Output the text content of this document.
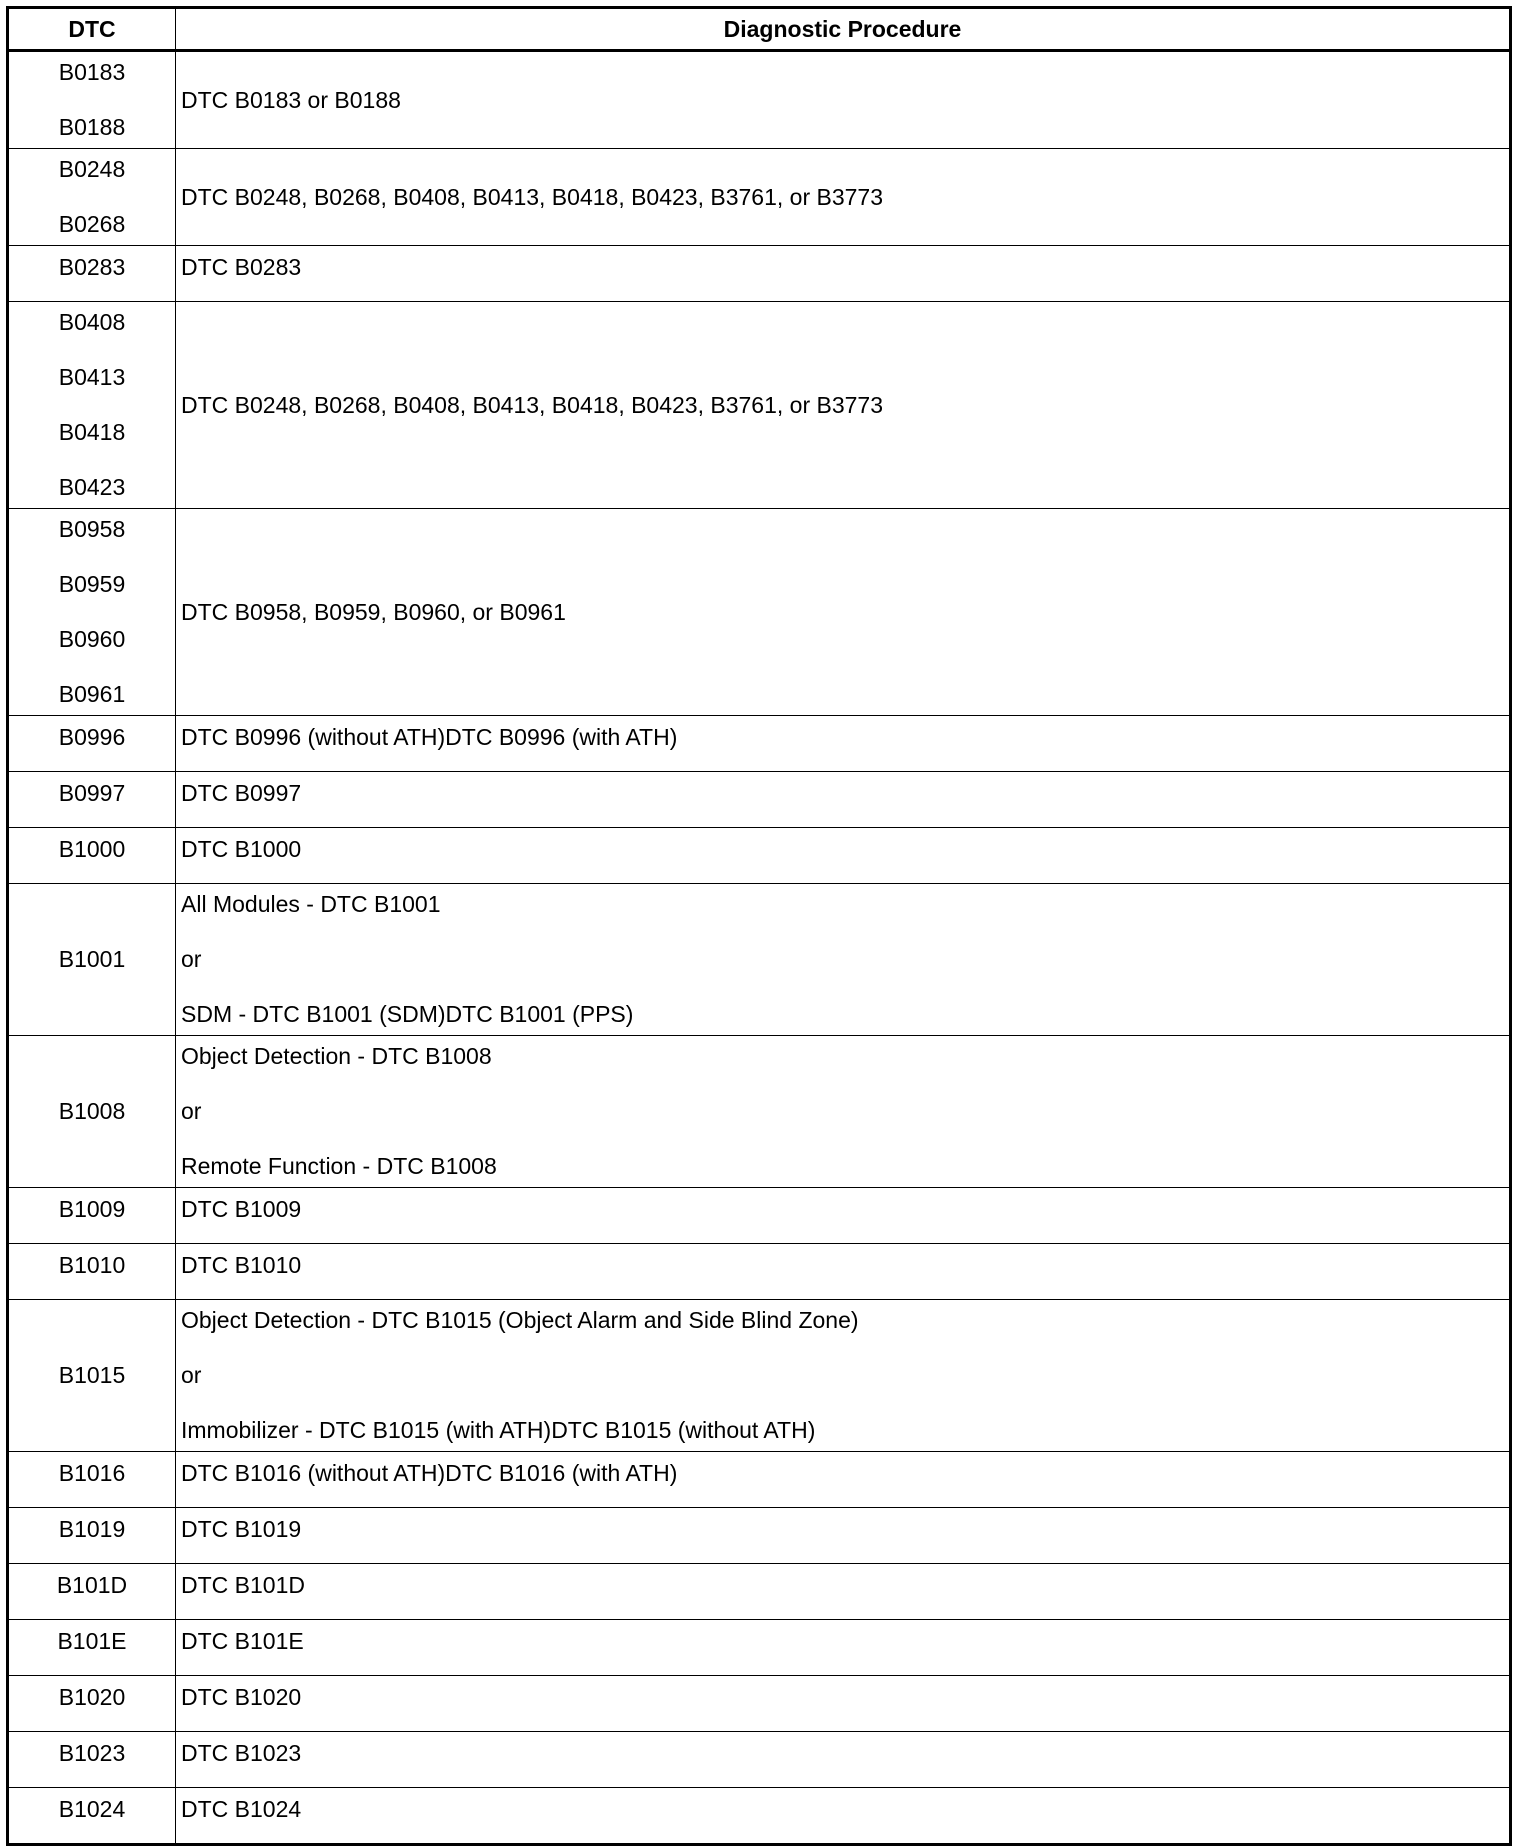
DTC	Diagnostic Procedure

B0183
B0188	DTC B0183 or B0188

B0248
B0268	DTC B0248, B0268, B0408, B0413, B0418, B0423, B3761, or B3773

B0283	DTC B0283

B0408
B0413
B0418
B0423	DTC B0248, B0268, B0408, B0413, B0418, B0423, B3761, or B3773

B0958
B0959
B0960
B0961	DTC B0958, B0959, B0960, or B0961

B0996	DTC B0996 (without ATH)DTC B0996 (with ATH)

B0997	DTC B0997

B1000	DTC B1000

B1001	All Modules - DTC B1001
or
SDM - DTC B1001 (SDM)DTC B1001 (PPS)

B1008	Object Detection - DTC B1008
or
Remote Function - DTC B1008

B1009	DTC B1009

B1010	DTC B1010

B1015	Object Detection - DTC B1015 (Object Alarm and Side Blind Zone)
or
Immobilizer - DTC B1015 (with ATH)DTC B1015 (without ATH)

B1016	DTC B1016 (without ATH)DTC B1016 (with ATH)

B1019	DTC B1019

B101D	DTC B101D

B101E	DTC B101E

B1020	DTC B1020

B1023	DTC B1023

B1024	DTC B1024
